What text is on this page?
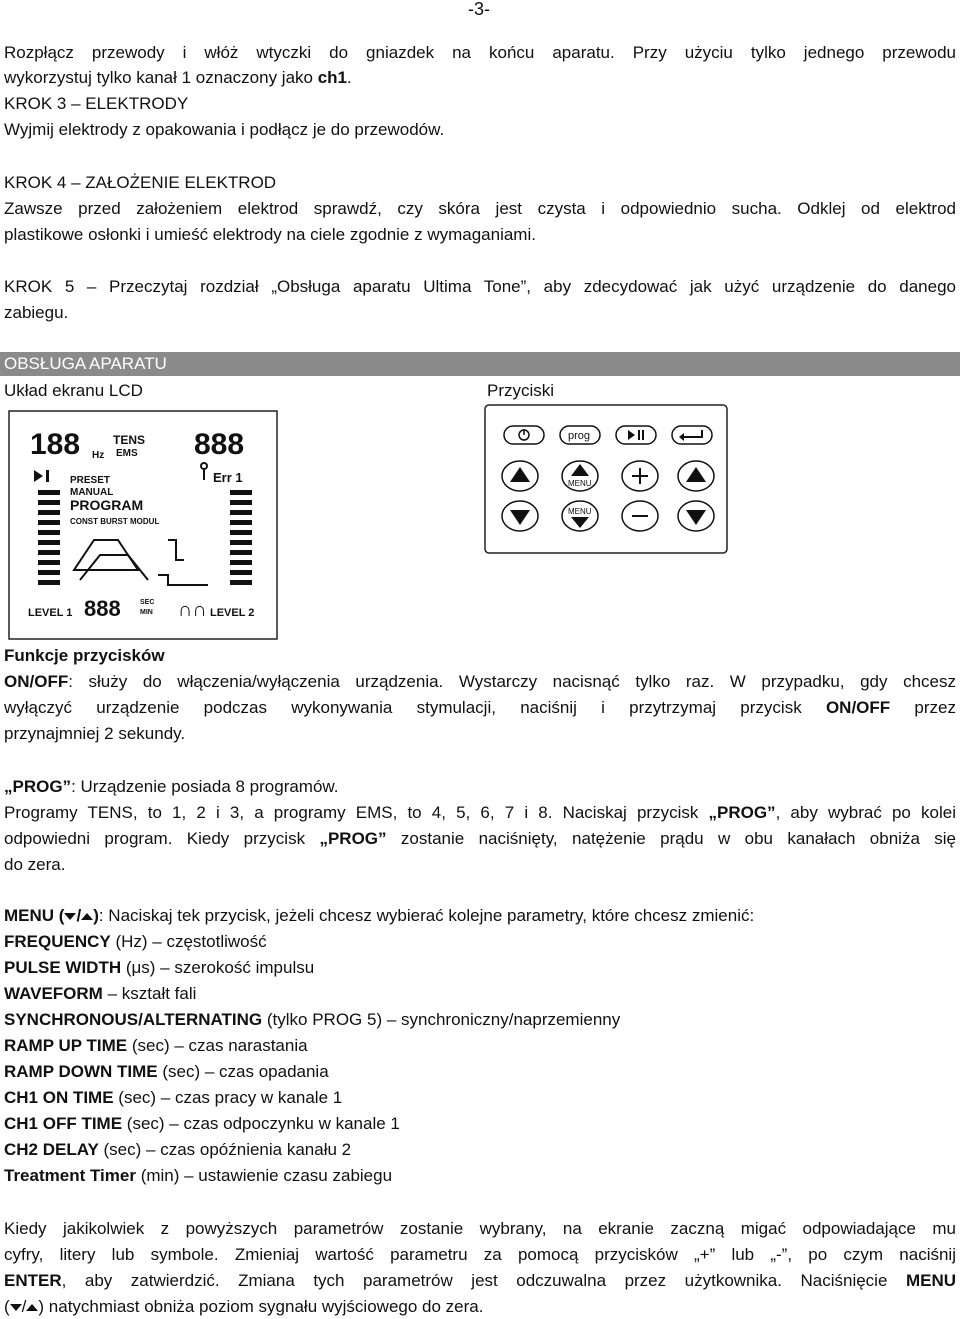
-3-
Rozpłącz przewody i włóż wtyczki do gniazdek na końcu aparatu. Przy użyciu tylko jednego przewodu
wykorzystuj tylko kanał 1 oznaczony jako ch1.
KROK 3 – ELEKTRODY
Wyjmij elektrody z opakowania i podłącz je do przewodów.
KROK 4 – ZAŁOŻENIE ELEKTROD
Zawsze przed założeniem elektrod sprawdź, czy skóra jest czysta i odpowiednio sucha. Odklej od elektrod
plastikowe osłonki i umieść elektrody na ciele zgodnie z wymaganiami.
KROK 5 – Przeczytaj rozdział „Obsługa aparatu Ultima Tone”, aby zdecydować jak użyć urządzenie do danego
zabiegu.
OBSŁUGA APARATU
Układ ekranu LCD	Przyciski
188 Hz
TENS
EMS 888
Err 1
PRESET
MANUAL
PROGRAM
CONST BURST MODUL
888	SEC
MIN
LEVEL 1	LEVEL 2
∩∩
prog
MENU
MENU
Funkcje przycisków
ON/OFF: służy do włączenia/wyłączenia urządzenia. Wystarczy nacisnąć tylko raz. W przypadku, gdy chcesz
wyłączyć urządzenie podczas wykonywania stymulacji, naciśnij i przytrzymaj przycisk ON/OFF przez
przynajmniej 2 sekundy.
„PROG”: Urządzenie posiada 8 programów.
Programy TENS, to 1, 2 i 3, a programy EMS, to 4, 5, 6, 7 i 8. Naciskaj przycisk „PROG”, aby wybrać po kolei
odpowiedni program. Kiedy przycisk „PROG” zostanie naciśnięty, natężenie prądu w obu kanałach obniża się
do zera.
MENU ( / ): Naciskaj tek przycisk, jeżeli chcesz wybierać kolejne parametry, które chcesz zmienić:
FREQUENCY (Hz) – częstotliwość
PULSE WIDTH (μs) – szerokość impulsu
WAVEFORM – kształt fali
SYNCHRONOUS/ALTERNATING (tylko PROG 5) – synchroniczny/naprzemienny
RAMP UP TIME (sec) – czas narastania
RAMP DOWN TIME (sec) – czas opadania
CH1 ON TIME (sec) – czas pracy w kanale 1
CH1 OFF TIME (sec) – czas odpoczynku w kanale 1
CH2 DELAY (sec) – czas opóźnienia kanału 2
Treatment Timer (min) – ustawienie czasu zabiegu
Kiedy jakikolwiek z powyższych parametrów zostanie wybrany, na ekranie zaczną migać odpowiadające mu
cyfry, litery lub symbole. Zmieniaj wartość parametru za pomocą przycisków „+” lub „-”, po czym naciśnij
ENTER, aby zatwierdzić. Zmiana tych parametrów jest odczuwalna przez użytkownika. Naciśnięcie MENU
( / ) natychmiast obniża poziom sygnału wyjściowego do zera.
